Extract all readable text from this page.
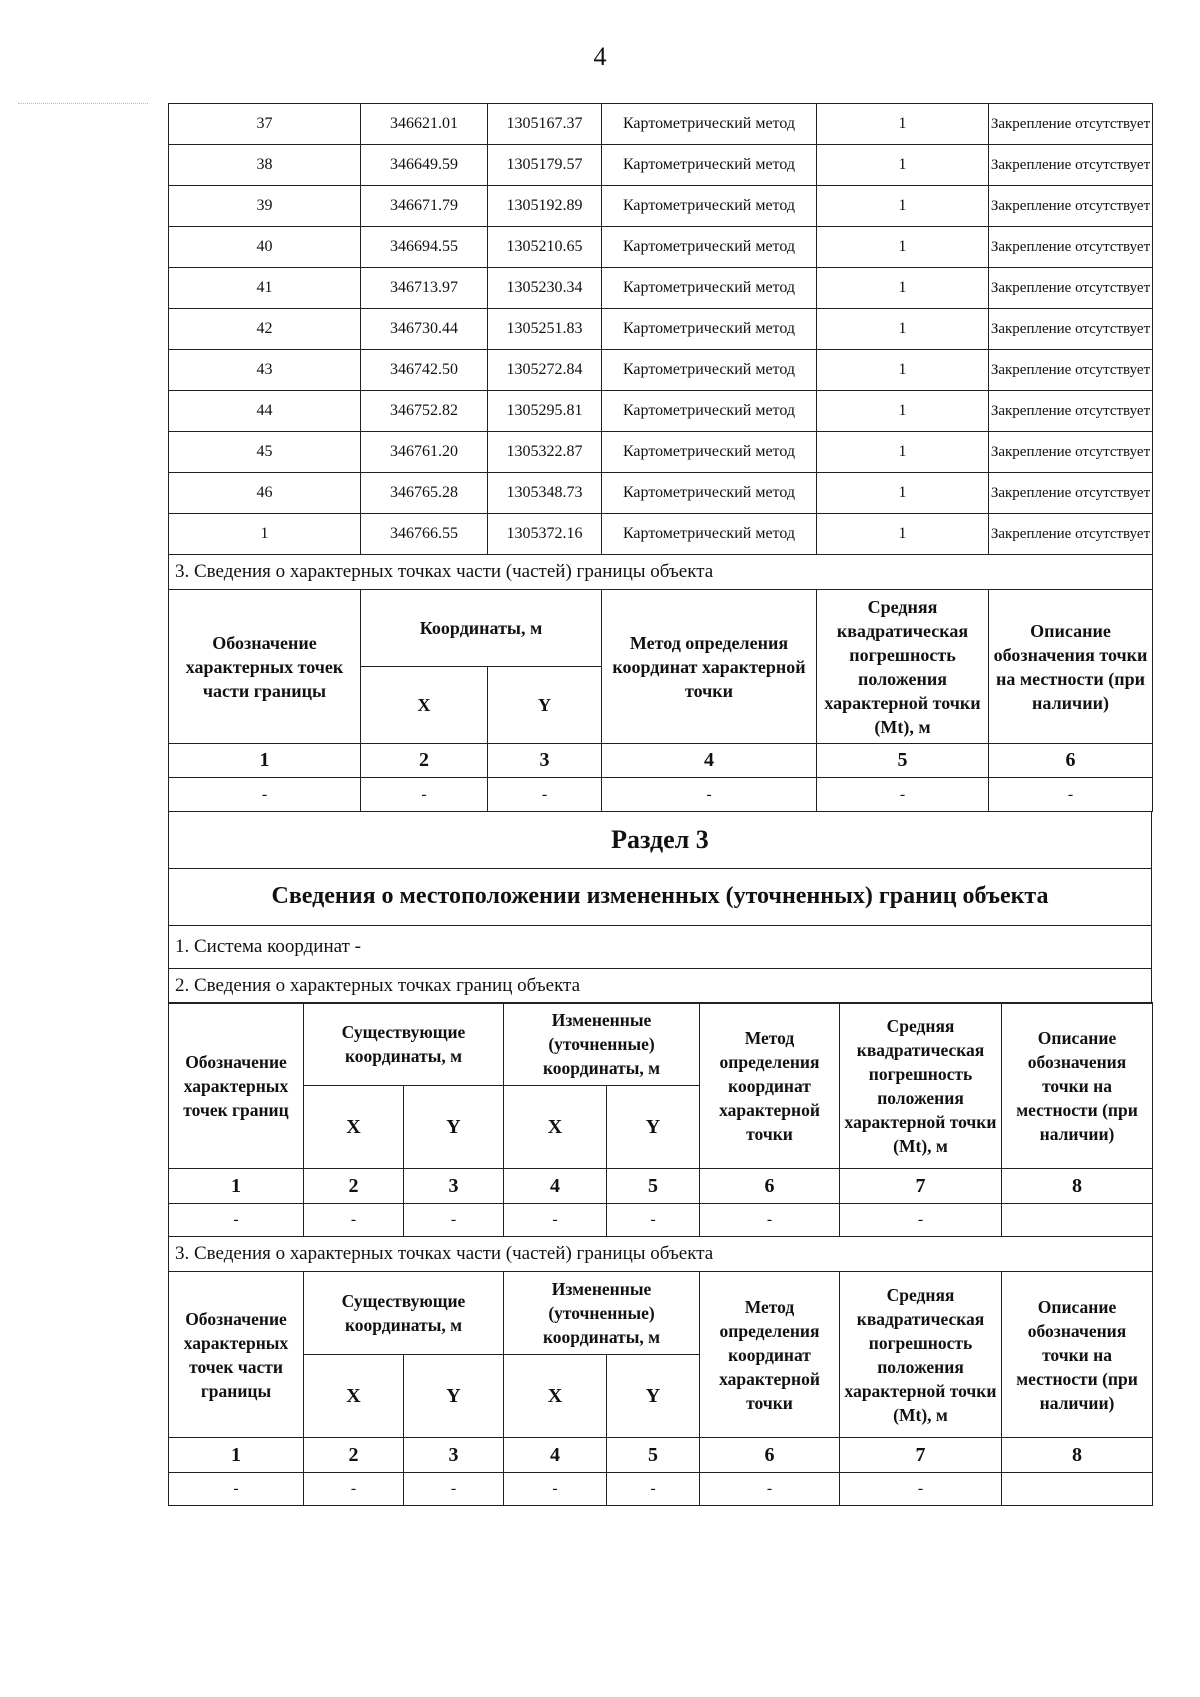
4
37	346621.01	1305167.37	Картометрический метод	1	Закрепление отсутствует
38	346649.59	1305179.57	Картометрический метод	1	Закрепление отсутствует
39	346671.79	1305192.89	Картометрический метод	1	Закрепление отсутствует
40	346694.55	1305210.65	Картометрический метод	1	Закрепление отсутствует
41	346713.97	1305230.34	Картометрический метод	1	Закрепление отсутствует
42	346730.44	1305251.83	Картометрический метод	1	Закрепление отсутствует
43	346742.50	1305272.84	Картометрический метод	1	Закрепление отсутствует
44	346752.82	1305295.81	Картометрический метод	1	Закрепление отсутствует
45	346761.20	1305322.87	Картометрический метод	1	Закрепление отсутствует
46	346765.28	1305348.73	Картометрический метод	1	Закрепление отсутствует
1	346766.55	1305372.16	Картометрический метод	1	Закрепление отсутствует
3. Сведения о характерных точках части (частей) границы объекта					
Обозначение характерных точек части границы	Координаты, м		Метод определения координат характерной точки	Средняя квадратическая погрешность положения характерной точки (Mt), м	Описание обозначения точки на местности (при наличии)
	X	Y			
1	2	3	4	5	6
-	-	-	-	-	-
Раздел 3
Сведения о местоположении измененных (уточненных) границ объекта
1. Система координат -
2. Сведения о характерных точках границ объекта
Обозначение характерных точек границ	Существующие координаты, м		Измененные (уточненные) координаты, м		Метод определения координат характерной точки	Средняя квадратическая погрешность положения характерной точки (Mt), м	Описание обозначения точки на местности (при наличии)
	X	Y	X	Y			
1	2	3	4	5	6	7	8
-	-	-	-	-	-	-	
3. Сведения о характерных точках части (частей) границы объекта							
Обозначение характерных точек части границы	Существующие координаты, м		Измененные (уточненные) координаты, м		Метод определения координат характерной точки	Средняя квадратическая погрешность положения характерной точки (Mt), м	Описание обозначения точки на местности (при наличии)
	X	Y	X	Y			
1	2	3	4	5	6	7	8
-	-	-	-	-	-	-	
